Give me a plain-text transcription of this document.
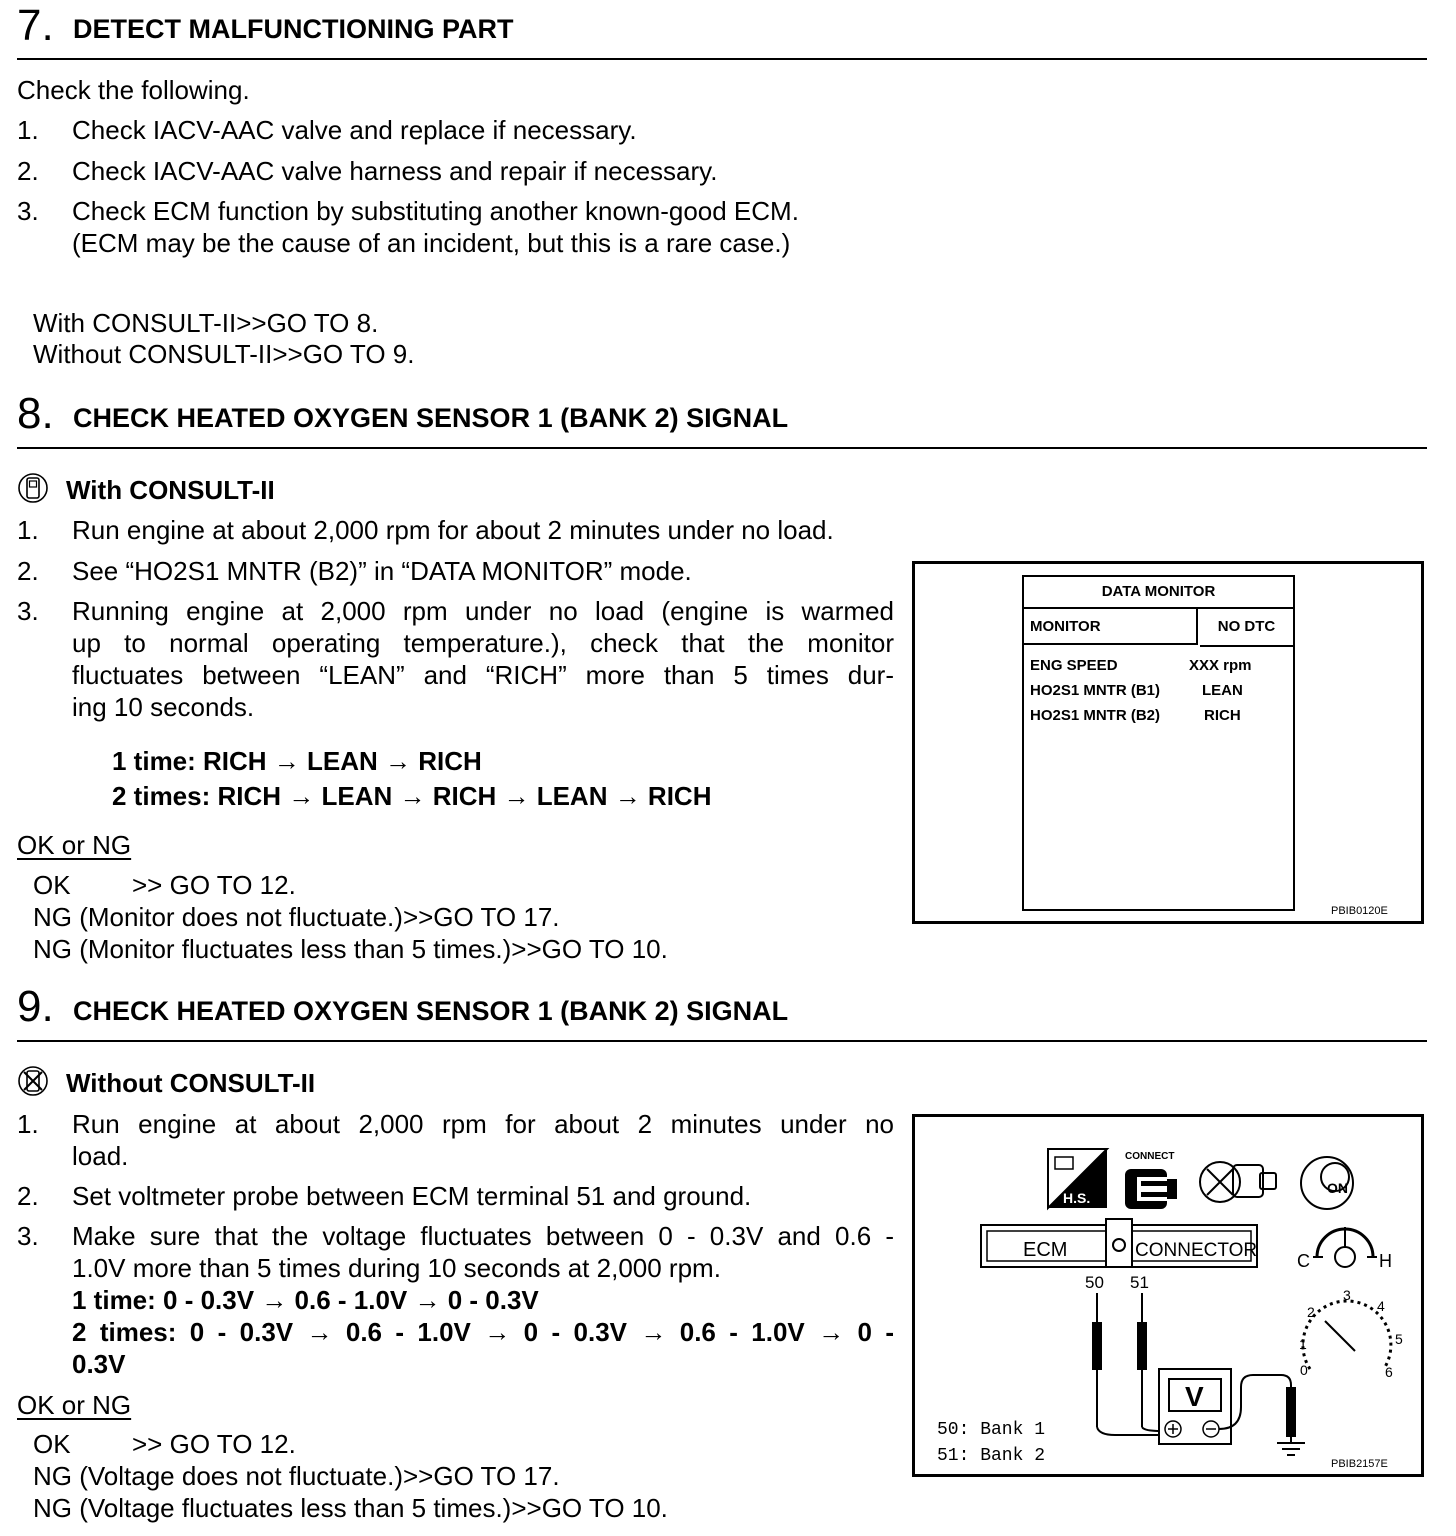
7. DETECT MALFUNCTIONING PART
Check the following.
1. Check IACV-AAC valve and replace if necessary.
2. Check IACV-AAC valve harness and repair if necessary.
3. Check ECM function by substituting another known-good ECM.
(ECM may be the cause of an incident, but this is a rare case.)
With CONSULT-II>>GO TO 8.
Without CONSULT-II>>GO TO 9.
8. CHECK HEATED OXYGEN SENSOR 1 (BANK 2) SIGNAL
With CONSULT-II
1. Run engine at about 2,000 rpm for about 2 minutes under no load.
2. See “HO2S1 MNTR (B2)” in “DATA MONITOR” mode.
3. Running engine at 2,000 rpm under no load (engine is warmed
up to normal operating temperature.), check that the monitor
fluctuates between “LEAN” and “RICH” more than 5 times dur-
ing 10 seconds.
1 time: RICH → LEAN → RICH
2 times: RICH → LEAN → RICH → LEAN → RICH
OK or NG
OK >> GO TO 12.
NG (Monitor does not fluctuate.)>>GO TO 17.
NG (Monitor fluctuates less than 5 times.)>>GO TO 10.
DATA MONITOR
MONITOR	NO DTC
ENG SPEED	XXX rpm
HO2S1 MNTR (B1)	LEAN
HO2S1 MNTR (B2)	RICH
PBIB0120E
9. CHECK HEATED OXYGEN SENSOR 1 (BANK 2) SIGNAL
Without CONSULT-II
1. Run engine at about 2,000 rpm for about 2 minutes under no
load.
2. Set voltmeter probe between ECM terminal 51 and ground.
3. Make sure that the voltage fluctuates between 0 - 0.3V and 0.6 -
1.0V more than 5 times during 10 seconds at 2,000 rpm.
1 time: 0 - 0.3V → 0.6 - 1.0V → 0 - 0.3V
2 times: 0 - 0.3V → 0.6 - 1.0V → 0 - 0.3V → 0.6 - 1.0V → 0 -
0.3V
OK or NG
OK >> GO TO 12.
NG (Voltage does not fluctuate.)>>GO TO 17.
NG (Voltage fluctuates less than 5 times.)>>GO TO 10.
H.S.
CONNECT
ON
ECM	CONNECTOR
50 51
V
C	H
0
1
2
3
4
5
6
50: Bank 1
51: Bank 2	PBIB2157E
